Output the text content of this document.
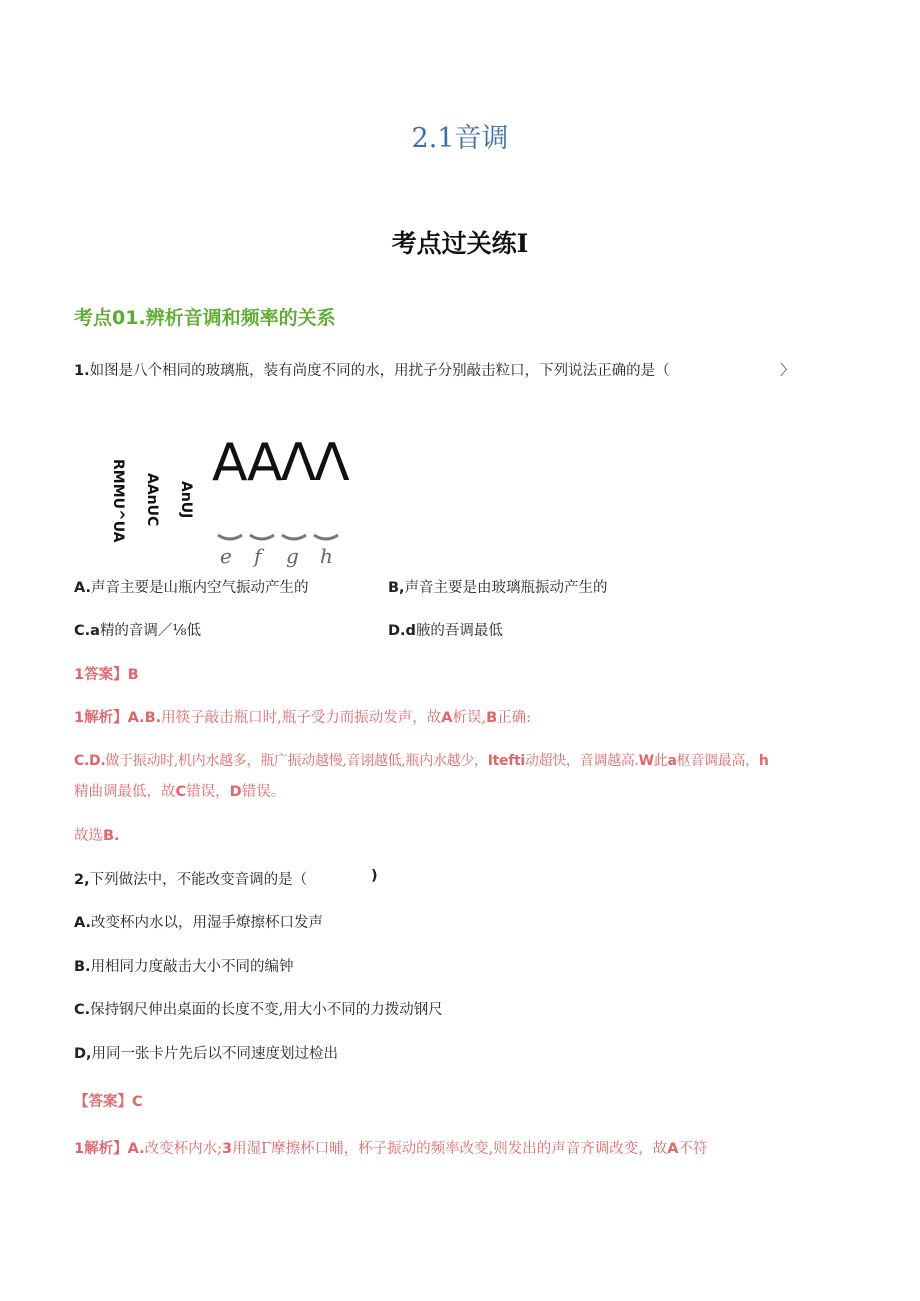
2.1音调
考点过关练I
考点01.辨析音调和频率的关系
1.如图是八个相同的玻璃瓶，装有尚度不同的水，用扰子分别敲击粒口，下列说法正确的是（	〉
RMMU^UA AAnUC AnUJ
AAΛΛ
e f g h
A.声音主要是山瓶内空气振动产生的	B,声音主要是由玻璃瓶振动产生的
C.a精的音调／⅛低	D.d腋的吾调最低
1答案】B
1解析】A.B.用筷子敲击瓶口时,瓶子受力而振动发声，故A析误,B正确:
C.D.做于振动时,机内水越多，瓶广振动越慢,音诩越低,瓶内水越少，Itefti动超快，音调越高.W此a枢音调最高，h
精曲调最低，故C错误，D错误。
故选B.
2,下列做法中，不能改变音调的是（	)
A.改变杯内水以，用湿手燎擦杯口发声
B.用相同力度敲击大小不同的编钟
C.保持钢尺伸出桌面的长度不变,用大小不同的力拨动钢尺
D,用同一张卡片先后以不同速度划过检出
【答案】C
1解析】A.改变杯内水;3用湿Γ摩擦杯口晡，杯子振动的频率改变,则发出的声音齐调改变，故A不符
